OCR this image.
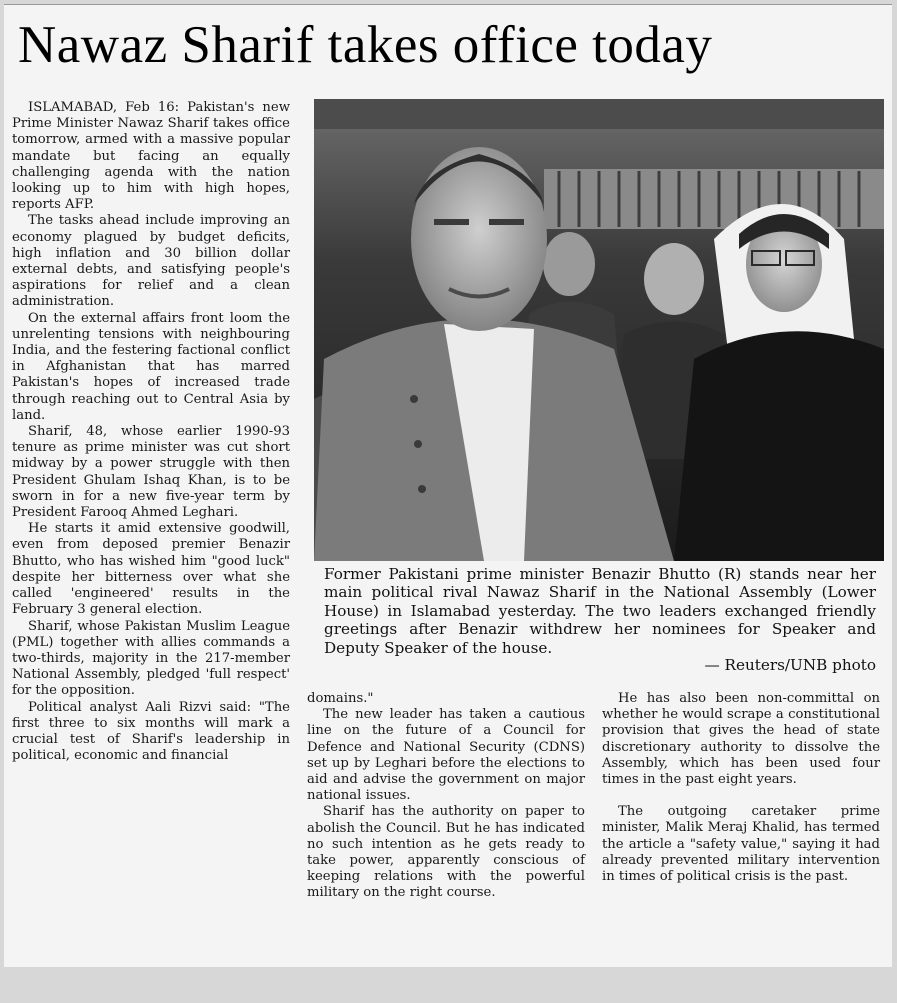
Nawaz Sharif takes office today

ISLAMABAD, Feb 16: Pakistan's new Prime Minister Nawaz Sharif takes office tomorrow, armed with a massive popular mandate but facing an equally challenging agenda with the nation looking up to him with high hopes, reports AFP.

The tasks ahead include improving an economy plagued by budget deficits, high inflation and 30 billion dollar external debts, and satisfying people's aspirations for relief and a clean administration.

On the external affairs front loom the unrelenting tensions with neighbouring India, and the festering factional conflict in Afghanistan that has marred Pakistan's hopes of increased trade through reaching out to Central Asia by land.

Sharif, 48, whose earlier 1990-93 tenure as prime minister was cut short midway by a power struggle with then President Ghulam Ishaq Khan, is to be sworn in for a new five-year term by President Farooq Ahmed Leghari.

He starts it amid extensive goodwill, even from deposed premier Benazir Bhutto, who has wished him "good luck" despite her bitterness over what she called 'engineered' results in the February 3 general election.

Sharif, whose Pakistan Muslim League (PML) together with allies commands a two-thirds, majority in the 217-member National Assembly, pledged 'full respect' for the opposition.

Political analyst Aali Rizvi said: "The first three to six months will mark a crucial test of Sharif's leadership in political, economic and financial

Former Pakistani prime minister Benazir Bhutto (R) stands near her main political rival Nawaz Sharif in the National Assembly (Lower House) in Islamabad yesterday. The two leaders exchanged friendly greetings after Benazir withdrew her nominees for Speaker and Deputy Speaker of the house.
— Reuters/UNB photo

domains."

The new leader has taken a cautious line on the future of a Council for Defence and National Security (CDNS) set up by Leghari before the elections to aid and advise the government on major national issues.

Sharif has the authority on paper to abolish the Council. But he has indicated no such intention as he gets ready to take power, apparently conscious of keeping relations with the powerful military on the right course.

He has also been non-committal on whether he would scrape a constitutional provision that gives the head of state discretionary authority to dissolve the Assembly, which has been used four times in the past eight years.

The outgoing caretaker prime minister, Malik Meraj Khalid, has termed the article a "safety value," saying it had already prevented military intervention in times of political crisis is the past.
